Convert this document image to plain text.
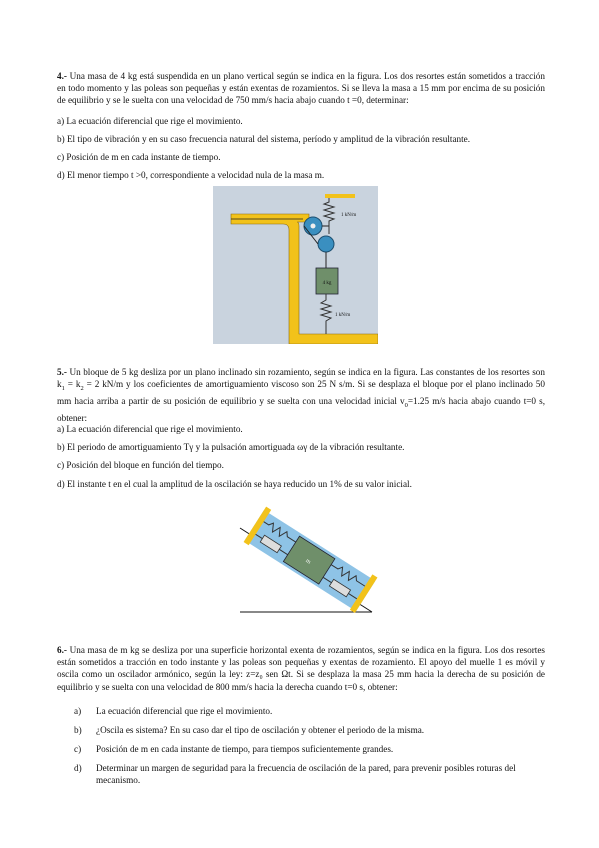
4.- Una masa de 4 kg está suspendida en un plano vertical según se indica en la figura. Los dos resortes están sometidos a tracción en todo momento y las poleas son pequeñas y están exentas de rozamientos. Si se lleva la masa a 15 mm por encima de su posición de equilibrio y se le suelta con una velocidad de 750 mm/s hacia abajo cuando t =0, determinar:
a) La ecuación diferencial que rige el movimiento.
b) El tipo de vibración y en su caso frecuencia natural del sistema, período y amplitud de la vibración resultante.
c) Posición de m en cada instante de tiempo.
d) El menor tiempo t >0, correspondiente a velocidad nula de la masa m.
4 kg
1 kN/m
1 kN/m
5.- Un bloque de 5 kg desliza por un plano inclinado sin rozamiento, según se indica en la figura. Las constantes de los resortes son $k_1 = k_2 = 2$ kN/m y los coeficientes de amortiguamiento viscoso son 25 N s/m. Si se desplaza el bloque por el plano inclinado 50 mm hacia arriba a partir de su posición de equilibrio y se suelta con una velocidad inicial $v_0=1.25$ m/s hacia abajo cuando t=0 s, obtener:
a) La ecuación diferencial que rige el movimiento.
b) El periodo de amortiguamiento Tγ y la pulsación amortiguada ωγ de la vibración resultante.
c) Posición del bloque en función del tiempo.
d) El instante t en el cual la amplitud de la oscilación se haya reducido un 1% de su valor inicial.
m
6.- Una masa de m kg se desliza por una superficie horizontal exenta de rozamientos, según se indica en la figura. Los dos resortes están sometidos a tracción en todo instante y las poleas son pequeñas y exentas de rozamiento. El apoyo del muelle 1 es móvil y oscila como un oscilador armónico, según la ley: z=z₀ sen Ωt. Si se desplaza la masa 25 mm hacia la derecha de su posición de equilibrio y se suelta con una velocidad de 800 mm/s hacia la derecha cuando t=0 s, obtener:
a) La ecuación diferencial que rige el movimiento.
b) ¿Oscila es sistema? En su caso dar el tipo de oscilación y obtener el periodo de la misma.
c) Posición de m en cada instante de tiempo, para tiempos suficientemente grandes.
d) Determinar un margen de seguridad para la frecuencia de oscilación de la pared, para prevenir posibles roturas del mecanismo.
